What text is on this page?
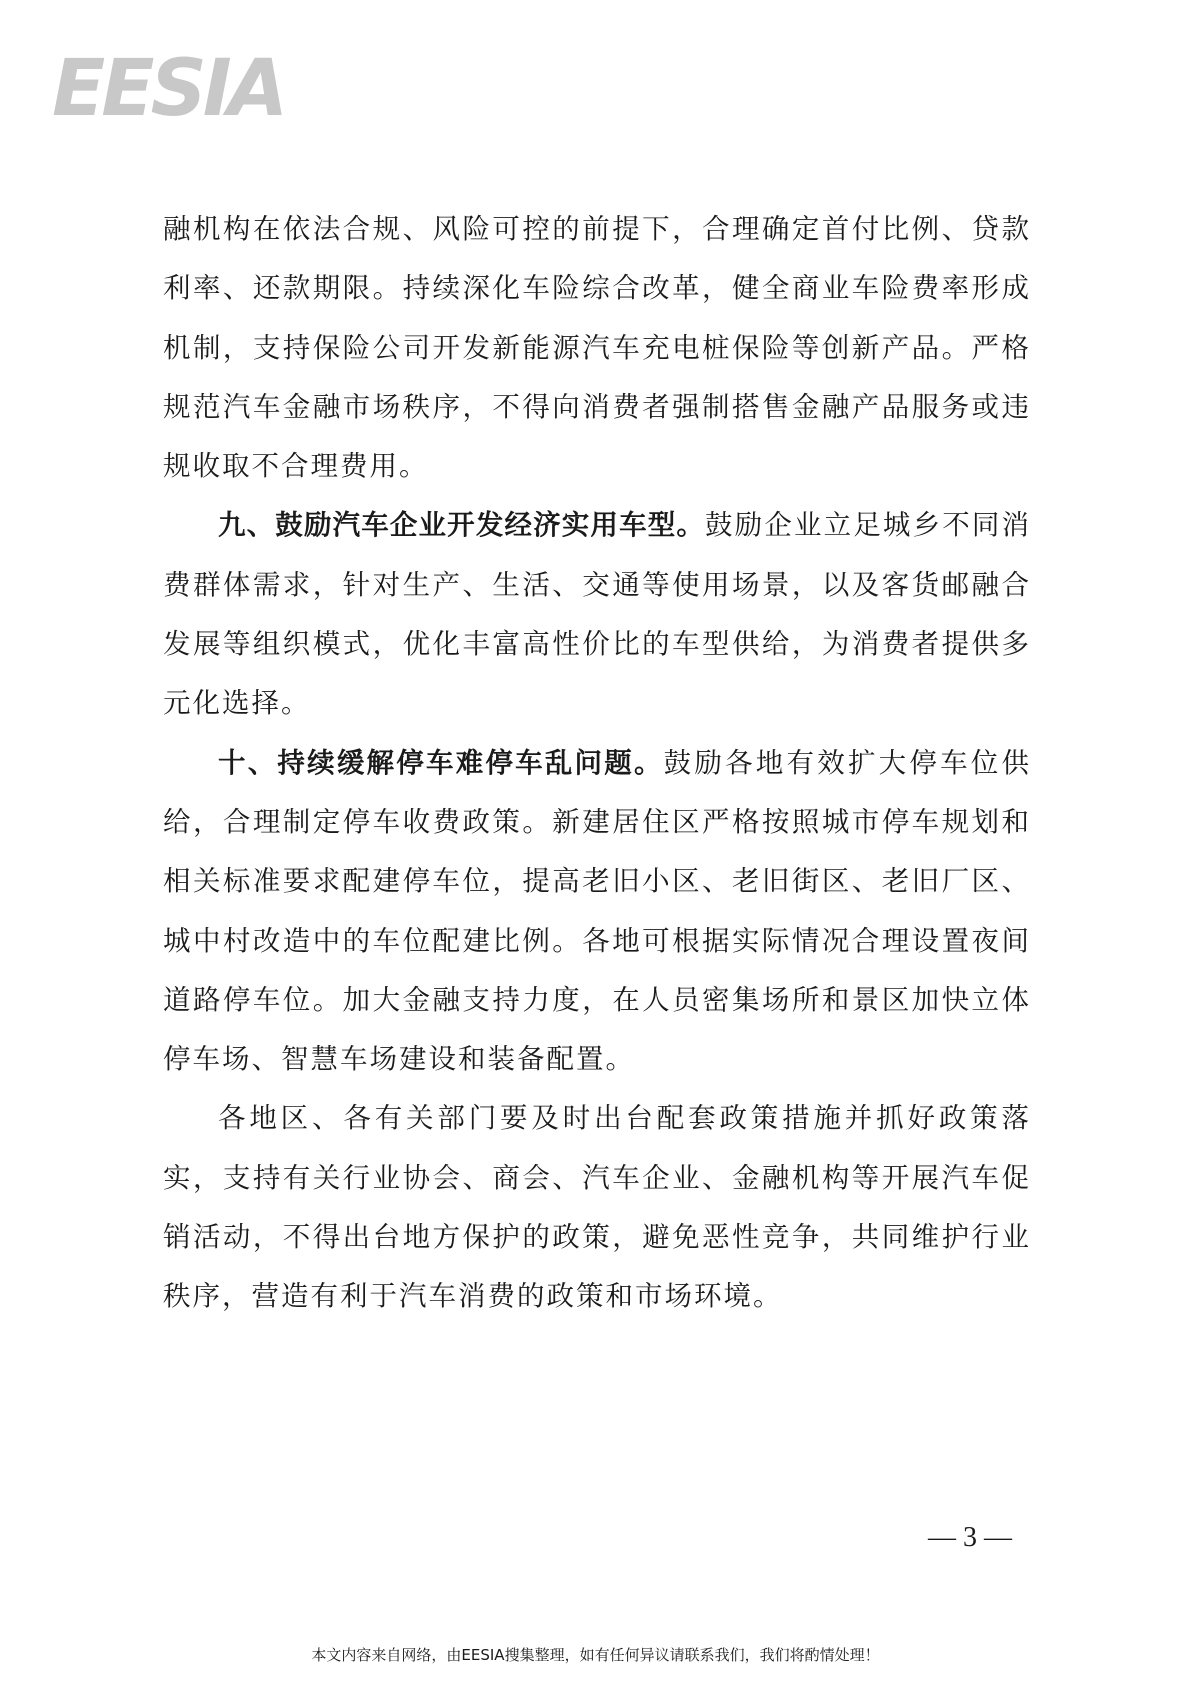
EESIA

融机构在依法合规、风险可控的前提下，合理确定首付比例、贷款利率、还款期限。持续深化车险综合改革，健全商业车险费率形成机制，支持保险公司开发新能源汽车充电桩保险等创新产品。严格规范汽车金融市场秩序，不得向消费者强制搭售金融产品服务或违规收取不合理费用。

九、鼓励汽车企业开发经济实用车型。鼓励企业立足城乡不同消费群体需求，针对生产、生活、交通等使用场景，以及客货邮融合发展等组织模式，优化丰富高性价比的车型供给，为消费者提供多元化选择。

十、持续缓解停车难停车乱问题。鼓励各地有效扩大停车位供给，合理制定停车收费政策。新建居住区严格按照城市停车规划和相关标准要求配建停车位，提高老旧小区、老旧街区、老旧厂区、城中村改造中的车位配建比例。各地可根据实际情况合理设置夜间道路停车位。加大金融支持力度，在人员密集场所和景区加快立体停车场、智慧车场建设和装备配置。

各地区、各有关部门要及时出台配套政策措施并抓好政策落实，支持有关行业协会、商会、汽车企业、金融机构等开展汽车促销活动，不得出台地方保护的政策，避免恶性竞争，共同维护行业秩序，营造有利于汽车消费的政策和市场环境。

— 3 —
本文内容来自网络，由EESIA搜集整理，如有任何异议请联系我们，我们将酌情处理！
